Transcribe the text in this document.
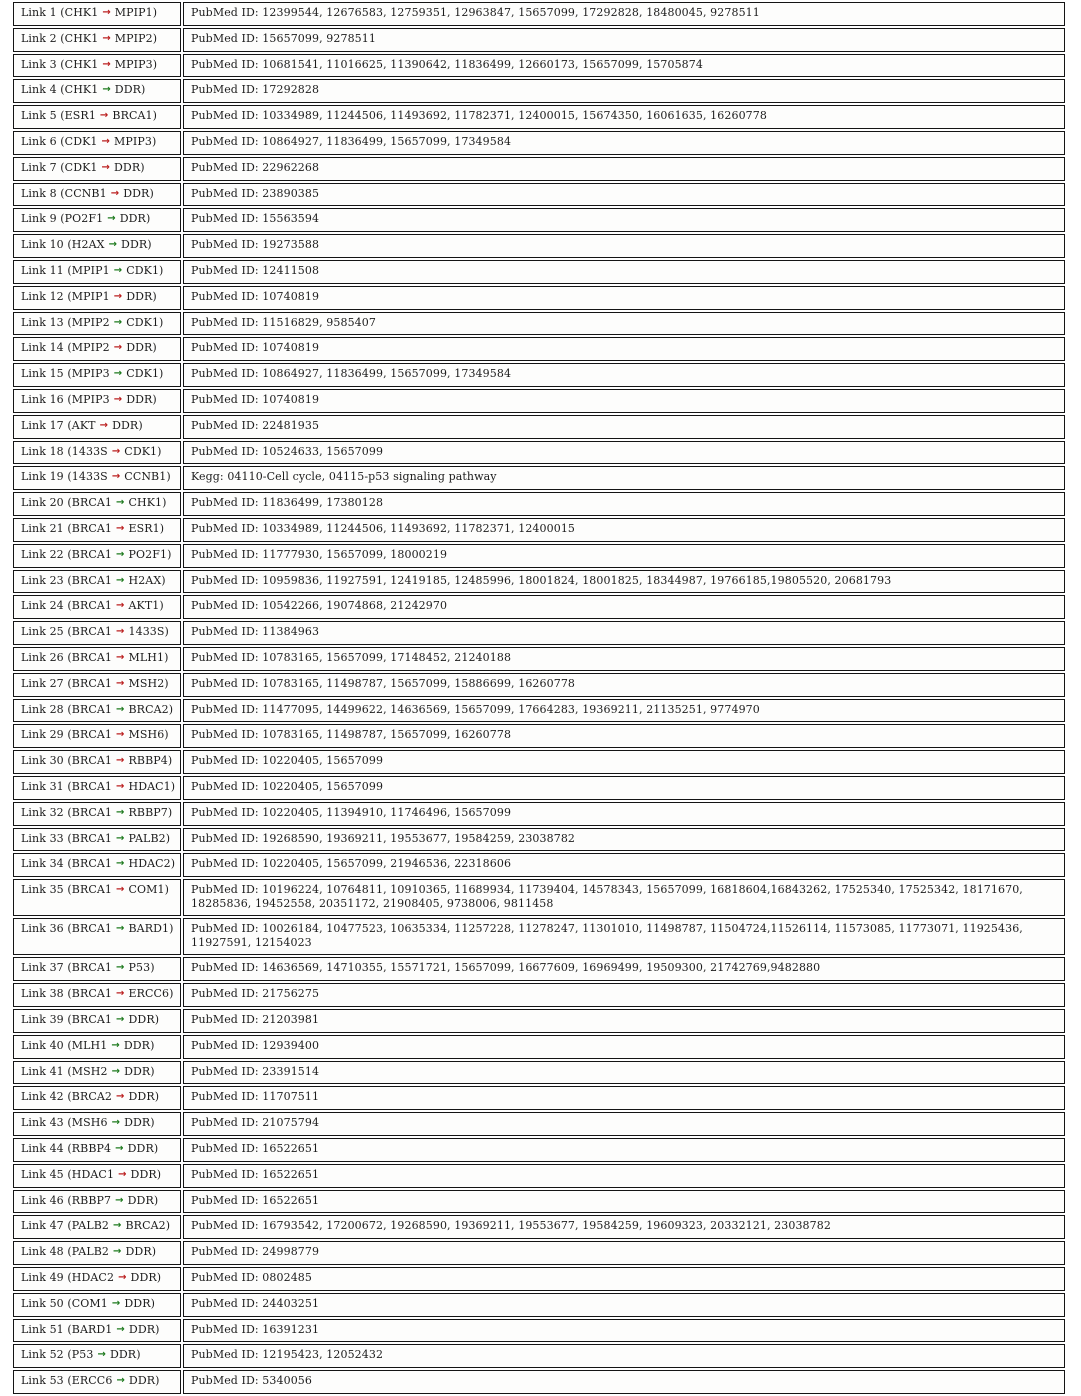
Link 1 (CHK1 → MPIP1)	PubMed ID: 12399544, 12676583, 12759351, 12963847, 15657099, 17292828, 18480045, 9278511
Link 2 (CHK1 → MPIP2)	PubMed ID: 15657099, 9278511
Link 3 (CHK1 → MPIP3)	PubMed ID: 10681541, 11016625, 11390642, 11836499, 12660173, 15657099, 15705874
Link 4 (CHK1 → DDR)	PubMed ID: 17292828
Link 5 (ESR1 → BRCA1)	PubMed ID: 10334989, 11244506, 11493692, 11782371, 12400015, 15674350, 16061635, 16260778
Link 6 (CDK1 → MPIP3)	PubMed ID: 10864927, 11836499, 15657099, 17349584
Link 7 (CDK1 → DDR)	PubMed ID: 22962268
Link 8 (CCNB1 → DDR)	PubMed ID: 23890385
Link 9 (PO2F1 → DDR)	PubMed ID: 15563594
Link 10 (H2AX → DDR)	PubMed ID: 19273588
Link 11 (MPIP1 → CDK1)	PubMed ID: 12411508
Link 12 (MPIP1 → DDR)	PubMed ID: 10740819
Link 13 (MPIP2 → CDK1)	PubMed ID: 11516829, 9585407
Link 14 (MPIP2 → DDR)	PubMed ID: 10740819
Link 15 (MPIP3 → CDK1)	PubMed ID: 10864927, 11836499, 15657099, 17349584
Link 16 (MPIP3 → DDR)	PubMed ID: 10740819
Link 17 (AKT → DDR)	PubMed ID: 22481935
Link 18 (1433S → CDK1)	PubMed ID: 10524633, 15657099
Link 19 (1433S → CCNB1)	Kegg: 04110-Cell cycle, 04115-p53 signaling pathway
Link 20 (BRCA1 → CHK1)	PubMed ID: 11836499, 17380128
Link 21 (BRCA1 → ESR1)	PubMed ID: 10334989, 11244506, 11493692, 11782371, 12400015
Link 22 (BRCA1 → PO2F1)	PubMed ID: 11777930, 15657099, 18000219
Link 23 (BRCA1 → H2AX)	PubMed ID: 10959836, 11927591, 12419185, 12485996, 18001824, 18001825, 18344987, 19766185,19805520, 20681793
Link 24 (BRCA1 → AKT1)	PubMed ID: 10542266, 19074868, 21242970
Link 25 (BRCA1 → 1433S)	PubMed ID: 11384963
Link 26 (BRCA1 → MLH1)	PubMed ID: 10783165, 15657099, 17148452, 21240188
Link 27 (BRCA1 → MSH2)	PubMed ID: 10783165, 11498787, 15657099, 15886699, 16260778
Link 28 (BRCA1 → BRCA2)	PubMed ID: 11477095, 14499622, 14636569, 15657099, 17664283, 19369211, 21135251, 9774970
Link 29 (BRCA1 → MSH6)	PubMed ID: 10783165, 11498787, 15657099, 16260778
Link 30 (BRCA1 → RBBP4)	PubMed ID: 10220405, 15657099
Link 31 (BRCA1 → HDAC1)	PubMed ID: 10220405, 15657099
Link 32 (BRCA1 → RBBP7)	PubMed ID: 10220405, 11394910, 11746496, 15657099
Link 33 (BRCA1 → PALB2)	PubMed ID: 19268590, 19369211, 19553677, 19584259, 23038782
Link 34 (BRCA1 → HDAC2)	PubMed ID: 10220405, 15657099, 21946536, 22318606
Link 35 (BRCA1 → COM1)	PubMed ID: 10196224, 10764811, 10910365, 11689934, 11739404, 14578343, 15657099, 16818604,16843262, 17525340, 17525342, 18171670, 18285836, 19452558, 20351172, 21908405, 9738006, 9811458
Link 36 (BRCA1 → BARD1)	PubMed ID: 10026184, 10477523, 10635334, 11257228, 11278247, 11301010, 11498787, 11504724,11526114, 11573085, 11773071, 11925436, 11927591, 12154023
Link 37 (BRCA1 → P53)	PubMed ID: 14636569, 14710355, 15571721, 15657099, 16677609, 16969499, 19509300, 21742769,9482880
Link 38 (BRCA1 → ERCC6)	PubMed ID: 21756275
Link 39 (BRCA1 → DDR)	PubMed ID: 21203981
Link 40 (MLH1 → DDR)	PubMed ID: 12939400
Link 41 (MSH2 → DDR)	PubMed ID: 23391514
Link 42 (BRCA2 → DDR)	PubMed ID: 11707511
Link 43 (MSH6 → DDR)	PubMed ID: 21075794
Link 44 (RBBP4 → DDR)	PubMed ID: 16522651
Link 45 (HDAC1 → DDR)	PubMed ID: 16522651
Link 46 (RBBP7 → DDR)	PubMed ID: 16522651
Link 47 (PALB2 → BRCA2)	PubMed ID: 16793542, 17200672, 19268590, 19369211, 19553677, 19584259, 19609323, 20332121, 23038782
Link 48 (PALB2 → DDR)	PubMed ID: 24998779
Link 49 (HDAC2 → DDR)	PubMed ID: 0802485
Link 50 (COM1 → DDR)	PubMed ID: 24403251
Link 51 (BARD1 → DDR)	PubMed ID: 16391231
Link 52 (P53 → DDR)	PubMed ID: 12195423, 12052432
Link 53 (ERCC6 → DDR)	PubMed ID: 5340056
